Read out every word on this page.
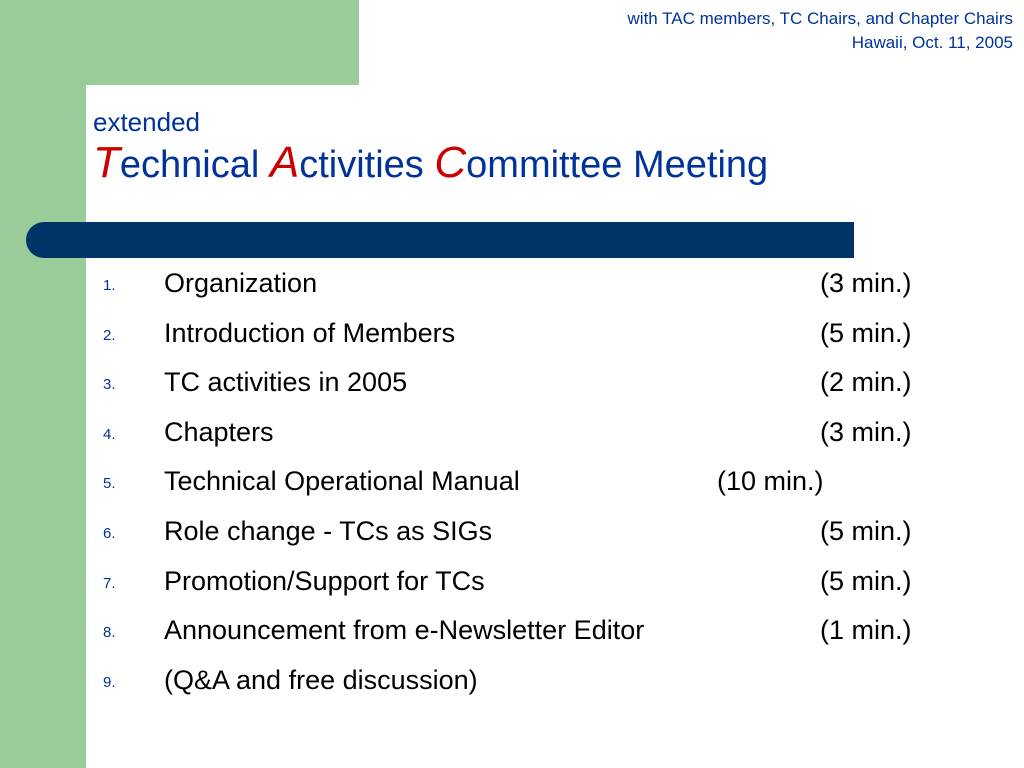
with TAC members, TC Chairs, and Chapter Chairs
Hawaii, Oct. 11, 2005
extended
Technical Activities Committee Meeting
1. Organization	(3 min.)
2. Introduction of Members	(5 min.)
3. TC activities in 2005	(2 min.)
4. Chapters	(3 min.)
5. Technical Operational Manual	(10 min.)
6. Role change - TCs as SIGs	(5 min.)
7. Promotion/Support for TCs	(5 min.)
8. Announcement from e-Newsletter Editor	(1 min.)
9. (Q&A and free discussion)
